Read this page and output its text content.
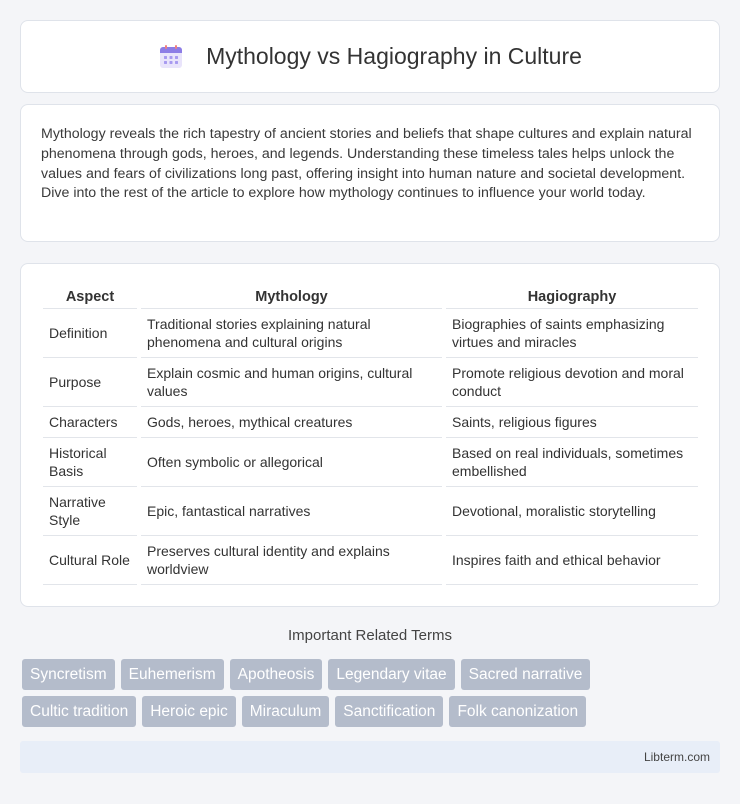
Mythology vs Hagiography in Culture

Mythology reveals the rich tapestry of ancient stories and beliefs that shape cultures and explain natural phenomena through gods, heroes, and legends. Understanding these timeless tales helps unlock the values and fears of civilizations long past, offering insight into human nature and societal development. Dive into the rest of the article to explore how mythology continues to influence your world today.

Aspect		Mythology		Hagiography
Definition		Traditional stories explaining natural phenomena and cultural origins		Biographies of saints emphasizing virtues and miracles
Purpose		Explain cosmic and human origins, cultural values		Promote religious devotion and moral conduct
Characters		Gods, heroes, mythical creatures		Saints, religious figures
Historical Basis		Often symbolic or allegorical		Based on real individuals, sometimes embellished
Narrative Style		Epic, fantastical narratives		Devotional, moralistic storytelling
Cultural Role		Preserves cultural identity and explains worldview		Inspires faith and ethical behavior
Important Related Terms
Syncretism	Euhemerism	Apotheosis	Legendary vitae	Sacred narrative
Cultic tradition	Heroic epic	Miraculum	Sanctification	Folk canonization
Libterm.com
